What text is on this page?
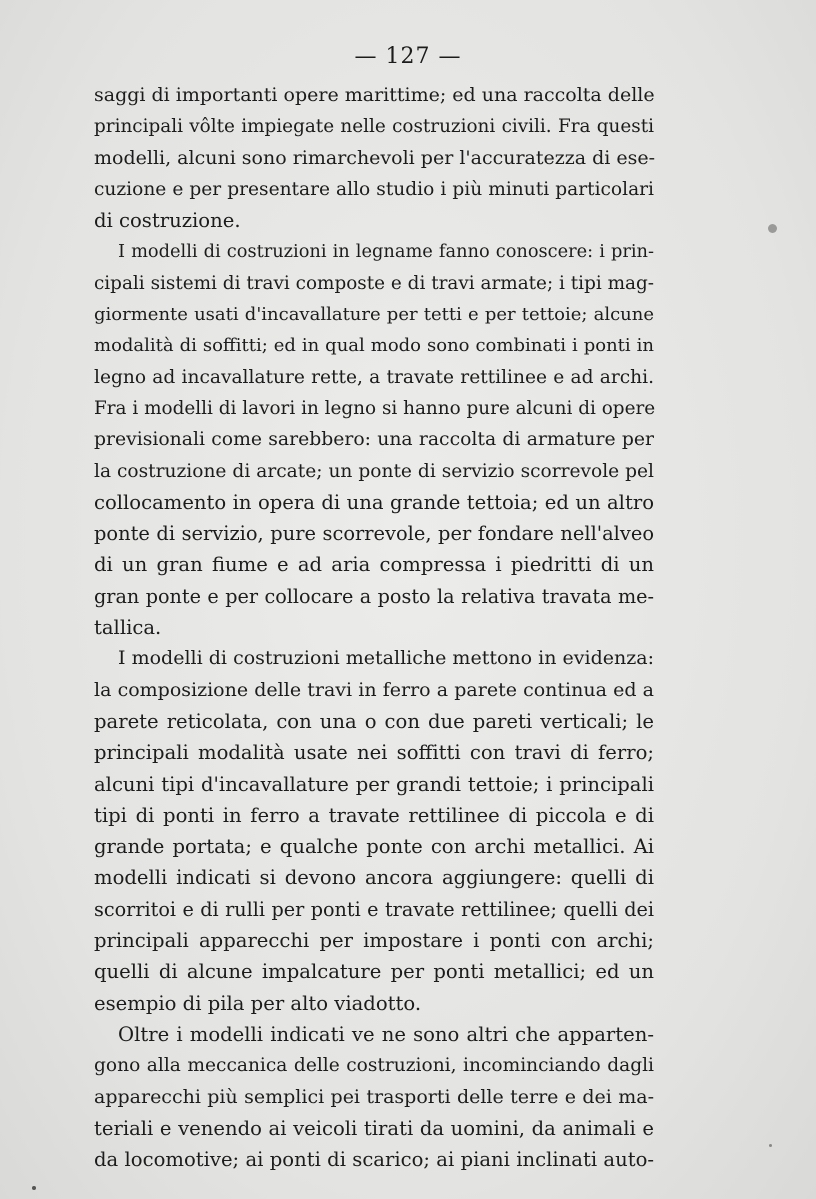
— 127 —
saggi di importanti opere marittime; ed una raccolta delle
principali vôlte impiegate nelle costruzioni civili. Fra questi
modelli, alcuni sono rimarchevoli per l'accuratezza di ese-
cuzione e per presentare allo studio i più minuti particolari
di costruzione.
I modelli di costruzioni in legname fanno conoscere: i prin-
cipali sistemi di travi composte e di travi armate; i tipi mag-
giormente usati d'incavallature per tetti e per tettoie; alcune
modalità di soffitti; ed in qual modo sono combinati i ponti in
legno ad incavallature rette, a travate rettilinee e ad archi.
Fra i modelli di lavori in legno si hanno pure alcuni di opere
previsionali come sarebbero: una raccolta di armature per
la costruzione di arcate; un ponte di servizio scorrevole pel
collocamento in opera di una grande tettoia; ed un altro
ponte di servizio, pure scorrevole, per fondare nell'alveo
di un gran fiume e ad aria compressa i piedritti di un
gran ponte e per collocare a posto la relativa travata me-
tallica.
I modelli di costruzioni metalliche mettono in evidenza:
la composizione delle travi in ferro a parete continua ed a
parete reticolata, con una o con due pareti verticali; le
principali modalità usate nei soffitti con travi di ferro;
alcuni tipi d'incavallature per grandi tettoie; i principali
tipi di ponti in ferro a travate rettilinee di piccola e di
grande portata; e qualche ponte con archi metallici. Ai
modelli indicati si devono ancora aggiungere: quelli di
scorritoi e di rulli per ponti e travate rettilinee; quelli dei
principali apparecchi per impostare i ponti con archi;
quelli di alcune impalcature per ponti metallici; ed un
esempio di pila per alto viadotto.
Oltre i modelli indicati ve ne sono altri che apparten-
gono alla meccanica delle costruzioni, incominciando dagli
apparecchi più semplici pei trasporti delle terre e dei ma-
teriali e venendo ai veicoli tirati da uomini, da animali e
da locomotive; ai ponti di scarico; ai piani inclinati auto-
